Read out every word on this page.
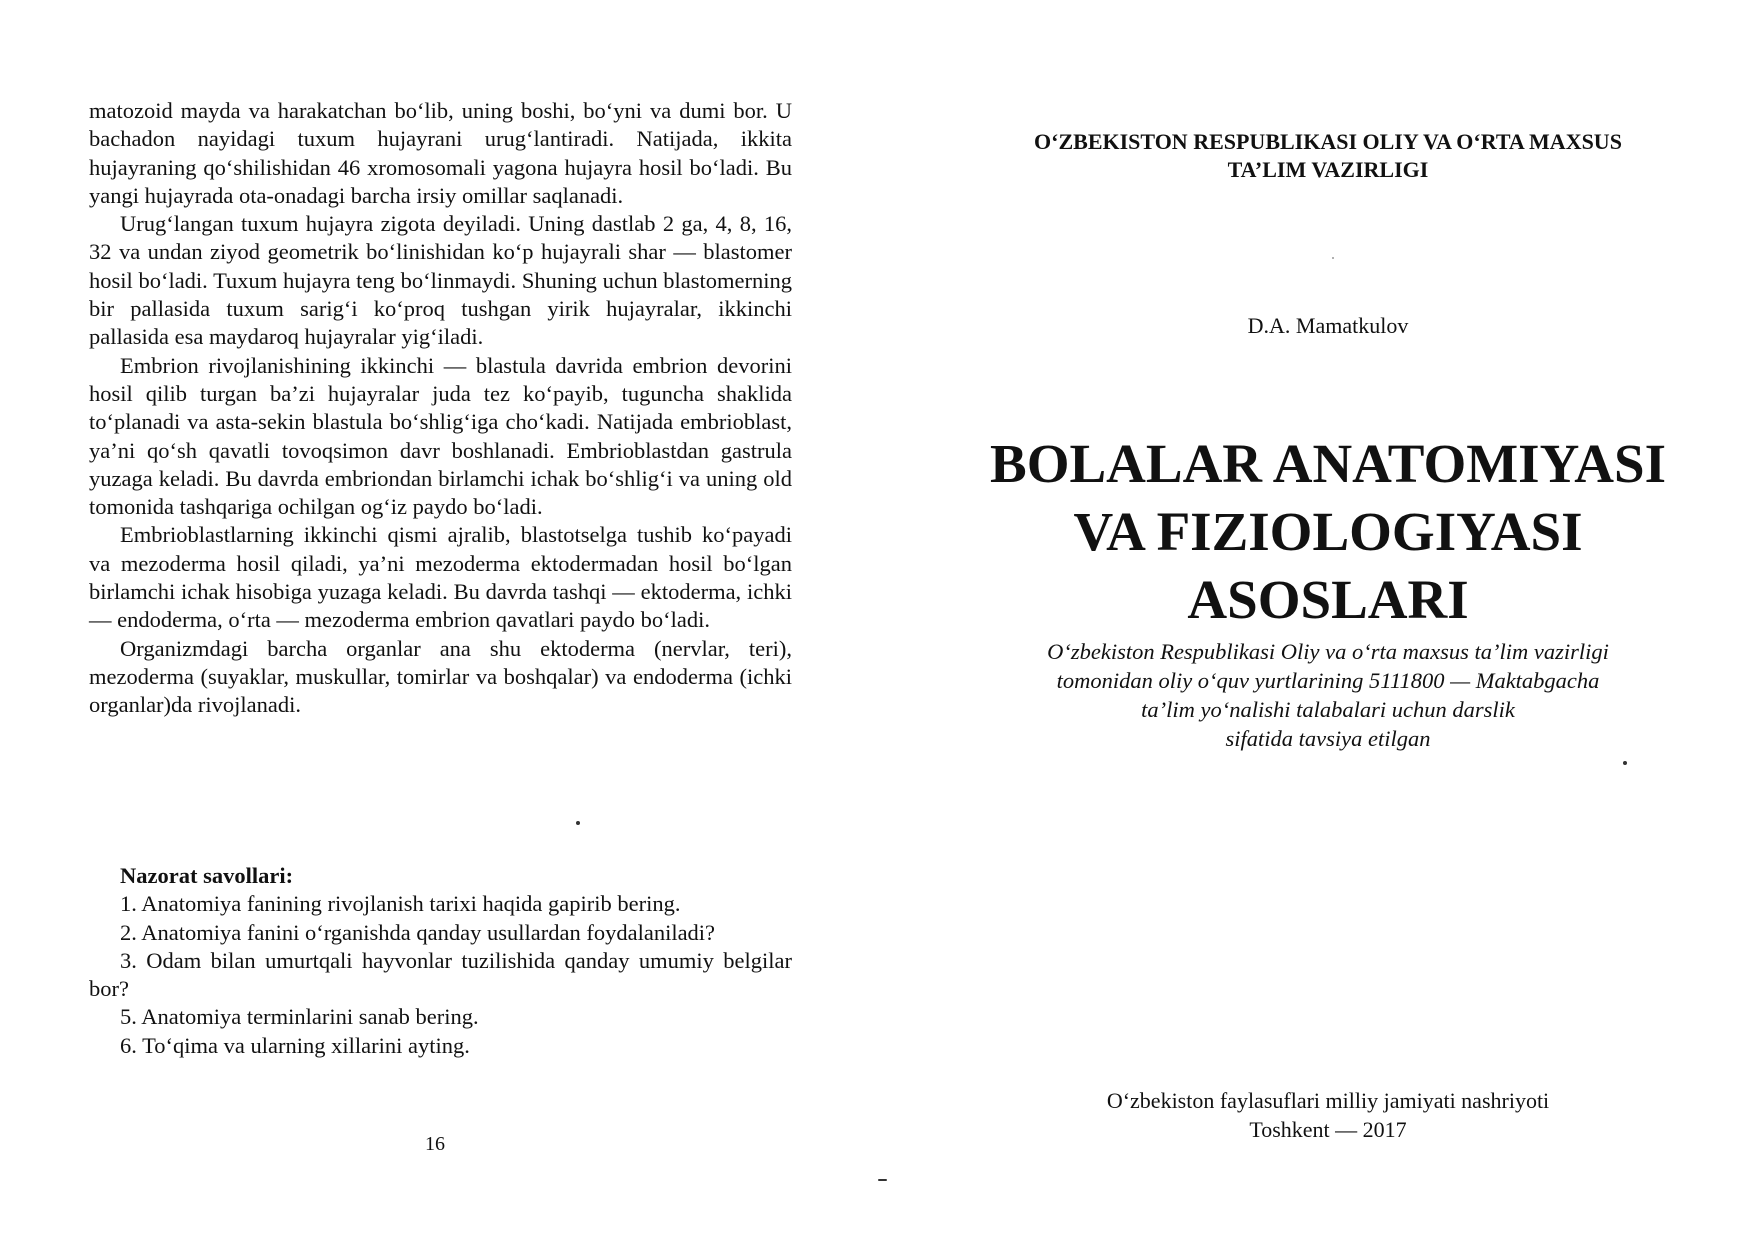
matozoid mayda va harakatchan bo‘lib, uning boshi, bo‘yni va dumi bor. U bachadon nayidagi tuxum hujayrani urug‘lantiradi. Natijada, ikkita hujayraning qo‘shilishidan 46 xromosomali yagona hujayra hosil bo‘ladi. Bu yangi hujayrada ota-onadagi barcha irsiy omillar saqlanadi.

Urug‘langan tuxum hujayra zigota deyiladi. Uning dastlab 2 ga, 4, 8, 16, 32 va undan ziyod geometrik bo‘linishidan ko‘p hujayrali shar — blastomer hosil bo‘ladi. Tuxum hujayra teng bo‘linmaydi. Shuning uchun blastomerning bir pallasida tuxum sarig‘i ko‘proq tushgan yirik hujayralar, ikkinchi pallasida esa maydaroq hujayralar yig‘iladi.

Embrion rivojlanishining ikkinchi — blastula davrida embrion devorini hosil qilib turgan ba’zi hujayralar juda tez ko‘payib, tuguncha shaklida to‘planadi va asta-sekin blastula bo‘shlig‘iga cho‘kadi. Natijada embrioblast, ya’ni qo‘sh qavatli tovoqsimon davr boshlanadi. Embrioblastdan gastrula yuzaga keladi. Bu davrda embriondan birlamchi ichak bo‘shlig‘i va uning old tomonida tashqariga ochilgan og‘iz paydo bo‘ladi.

Embrioblastlarning ikkinchi qismi ajralib, blastotselga tushib ko‘payadi va mezoderma hosil qiladi, ya’ni mezoderma ektodermadan hosil bo‘lgan birlamchi ichak hisobiga yuzaga keladi. Bu davrda tashqi — ektoderma, ichki — endoderma, o‘rta — mezoderma embrion qavatlari paydo bo‘ladi.

Organizmdagi barcha organlar ana shu ektoderma (nervlar, teri), mezoderma (suyaklar, muskullar, tomirlar va boshqalar) va endoderma (ichki organlar)da rivojlanadi.

Nazorat savollari:

1. Anatomiya fanining rivojlanish tarixi haqida gapirib bering.

2. Anatomiya fanini o‘rganishda qanday usullardan foydalaniladi?

3. Odam bilan umurtqali hayvonlar tuzilishida qanday umumiy belgilar bor?

5. Anatomiya terminlarini sanab bering.

6. To‘qima va ularning xillarini ayting.

16
O‘ZBEKISTON RESPUBLIKASI OLIY VA O‘RTA MAXSUS
TA’LIM VAZIRLIGI
D.A. Mamatkulov
BOLALAR ANATOMIYASI
VA FIZIOLOGIYASI
ASOSLARI
O‘zbekiston Respublikasi Oliy va o‘rta maxsus ta’lim vazirligi
tomonidan oliy o‘quv yurtlarining 5111800 — Maktabgacha
ta’lim yo‘nalishi talabalari uchun darslik
sifatida tavsiya etilgan
O‘zbekiston faylasuflari milliy jamiyati nashriyoti
Toshkent — 2017
